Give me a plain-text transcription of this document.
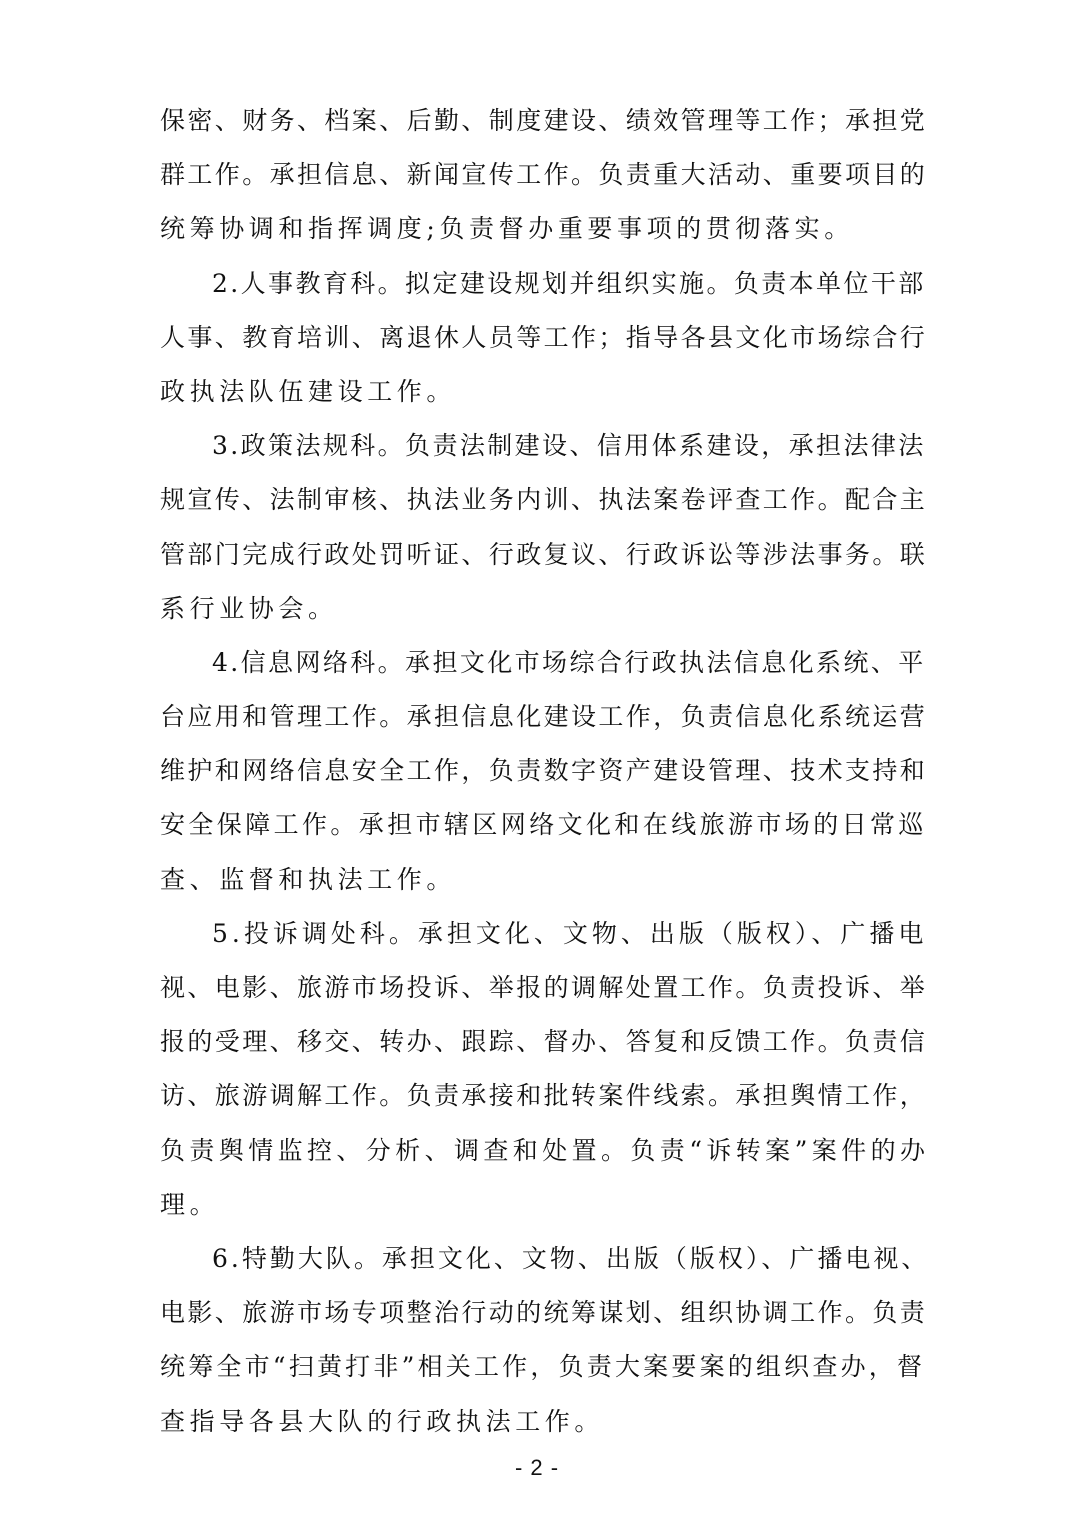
保密、财务、档案、后勤、制度建设、绩效管理等工作；承担党
群工作。承担信息、新闻宣传工作。负责重大活动、重要项目的
统筹协调和指挥调度;负责督办重要事项的贯彻落实。
2.人事教育科。拟定建设规划并组织实施。负责本单位干部
人事、教育培训、离退休人员等工作；指导各县文化市场综合行
政执法队伍建设工作。
3.政策法规科。负责法制建设、信用体系建设，承担法律法
规宣传、法制审核、执法业务内训、执法案卷评查工作。配合主
管部门完成行政处罚听证、行政复议、行政诉讼等涉法事务。联
系行业协会。
4.信息网络科。承担文化市场综合行政执法信息化系统、平
台应用和管理工作。承担信息化建设工作，负责信息化系统运营
维护和网络信息安全工作，负责数字资产建设管理、技术支持和
安全保障工作。承担市辖区网络文化和在线旅游市场的日常巡
查、监督和执法工作。
5.投诉调处科。承担文化、文物、出版（版权）、广播电
视、电影、旅游市场投诉、举报的调解处置工作。负责投诉、举
报的受理、移交、转办、跟踪、督办、答复和反馈工作。负责信
访、旅游调解工作。负责承接和批转案件线索。承担舆情工作，
负责舆情监控、分析、调查和处置。负责“诉转案”案件的办
理。
6.特勤大队。承担文化、文物、出版（版权）、广播电视、
电影、旅游市场专项整治行动的统筹谋划、组织协调工作。负责
统筹全市“扫黄打非”相关工作，负责大案要案的组织查办，督
查指导各县大队的行政执法工作。
- 2 -
